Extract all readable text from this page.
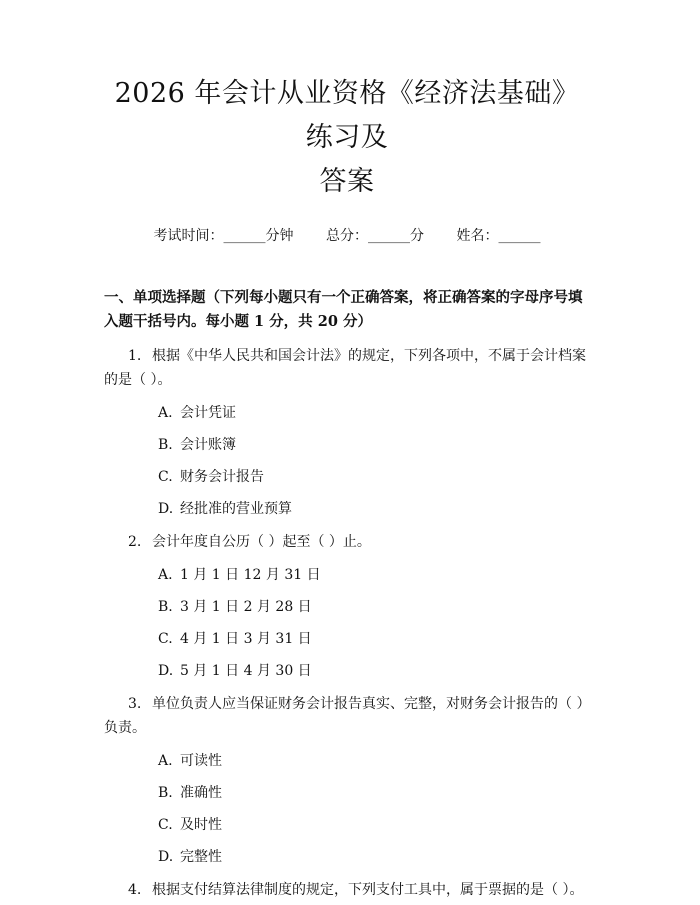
2026 年会计从业资格《经济法基础》练习及
答案
考试时间：______分钟 总分：______分 姓名：______
一、单项选择题（下列每小题只有一个正确答案，将正确答案的字母序号填入题干括号内。每小题 1 分，共 20 分）
1. 根据《中华人民共和国会计法》的规定，下列各项中，不属于会计档案的是（ ）。
A. 会计凭证
B. 会计账簿
C. 财务会计报告
D. 经批准的营业预算
2. 会计年度自公历（ ）起至（ ）止。
A. 1 月 1 日 12 月 31 日
B. 3 月 1 日 2 月 28 日
C. 4 月 1 日 3 月 31 日
D. 5 月 1 日 4 月 30 日
3. 单位负责人应当保证财务会计报告真实、完整，对财务会计报告的（ ）负责。
A. 可读性
B. 准确性
C. 及时性
D. 完整性
4. 根据支付结算法律制度的规定，下列支付工具中，属于票据的是（ ）。
